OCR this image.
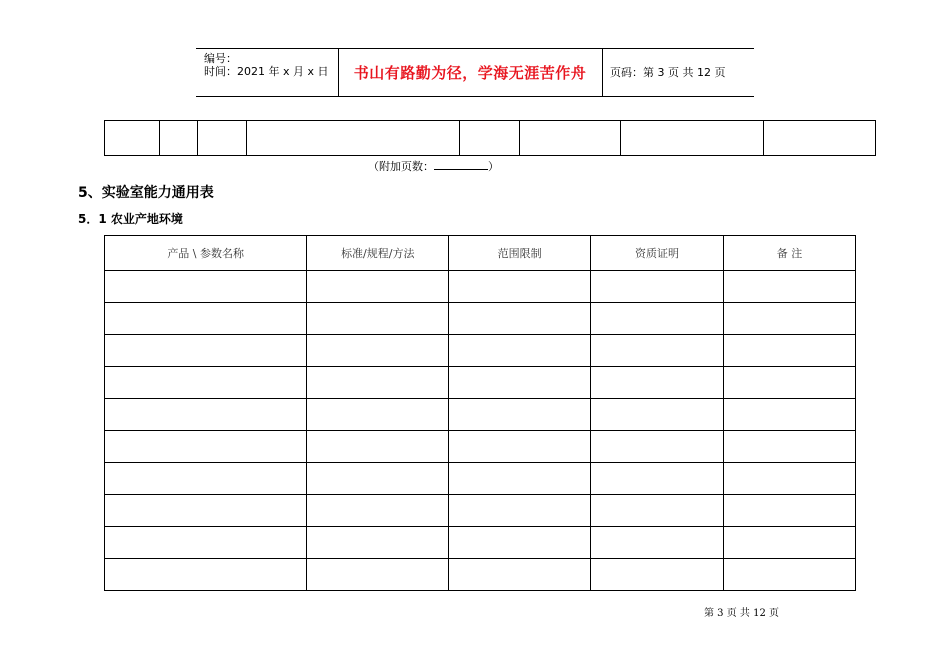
编号：
时间：2021 年 x 月 x 日	书山有路勤为径，学海无涯苦作舟	页码：第 3 页 共 12 页

（附加页数：	）
5、实验室能力通用表
5．1 农业产地环境
产品 \ 参数名称	标准/规程/方法	范围限制	资质证明	备 注

第 3 页 共 12 页
